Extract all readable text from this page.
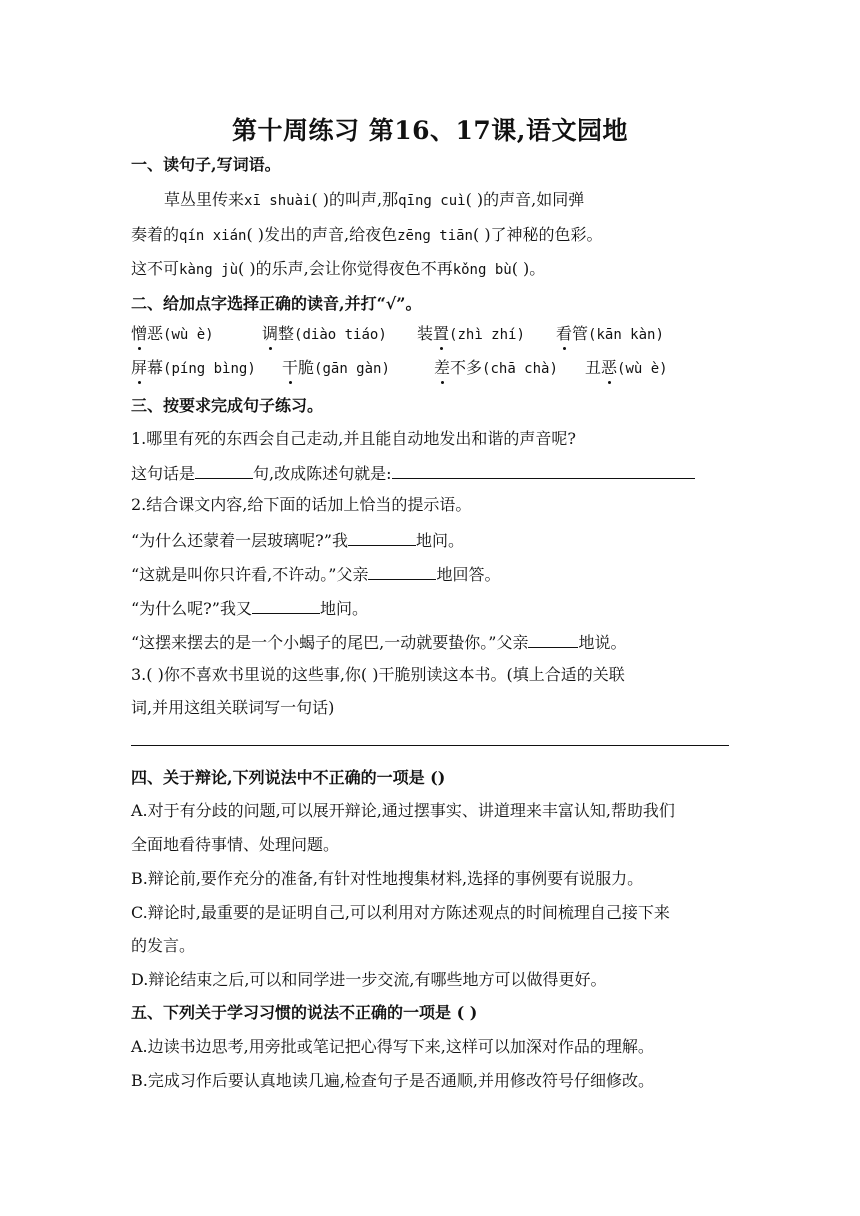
第十周练习 第16、17课,语文园地
一、读句子,写词语。
草丛里传来xī shuài( )的叫声,那qīng cuì( )的声音,如同弹
奏着的qín xián( )发出的声音,给夜色zēng tiān( )了神秘的色彩。
这不可kàng jù( )的乐声,会让你觉得夜色不再kǒng bù( )。
二、给加点字选择正确的读音,并打“√”。
憎恶(wù è)	调整(diào tiáo) 装置(zhì zhí) 看管(kān kàn)
屏幕(píng bìng) 干脆(gān gàn)	差不多(chā chà) 丑恶(wù è)
三、按要求完成句子练习。
1.哪里有死的东西会自己走动,并且能自动地发出和谐的声音呢?
这句话是	句,改成陈述句就是:
2.结合课文内容,给下面的话加上恰当的提示语。
“为什么还蒙着一层玻璃呢?”我	地问。
“这就是叫你只许看,不许动。”父亲	地回答。
“为什么呢?”我又	地问。
“这摆来摆去的是一个小蝎子的尾巴,一动就要蛰你。”父亲	地说。
3.( )你不喜欢书里说的这些事,你( )干脆别读这本书。(填上合适的关联
词,并用这组关联词写一句话)
四、关于辩论,下列说法中不正确的一项是 ()
A.对于有分歧的问题,可以展开辩论,通过摆事实、讲道理来丰富认知,帮助我们
全面地看待事情、处理问题。
B.辩论前,要作充分的准备,有针对性地搜集材料,选择的事例要有说服力。
C.辩论时,最重要的是证明自己,可以利用对方陈述观点的时间梳理自己接下来
的发言。
D.辩论结束之后,可以和同学进一步交流,有哪些地方可以做得更好。
五、下列关于学习习惯的说法不正确的一项是 ( )
A.边读书边思考,用旁批或笔记把心得写下来,这样可以加深对作品的理解。
B.完成习作后要认真地读几遍,检查句子是否通顺,并用修改符号仔细修改。
